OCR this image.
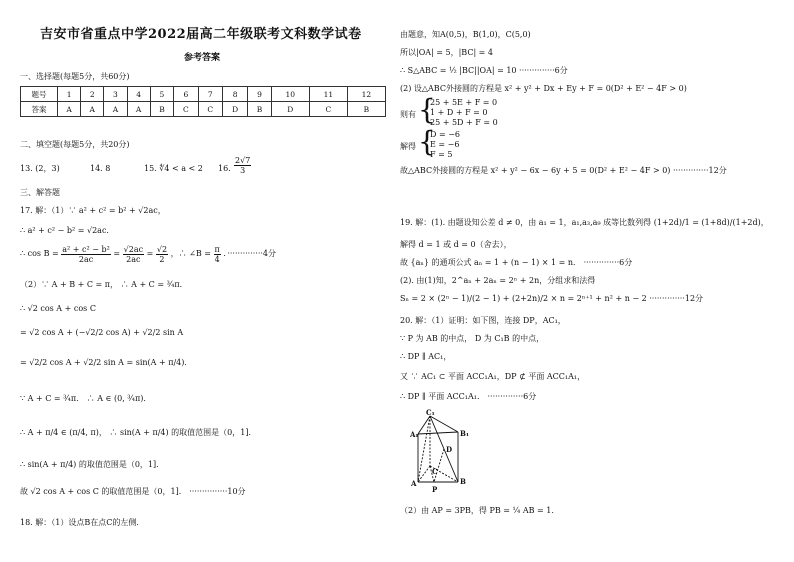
吉安市省重点中学2022届高二年级联考文科数学试卷
参考答案
一、选择题(每题5分，共60分)
题号	1	2	3	4	5	6	7	8	9	10	11	12
答案	A	A	A	A	B	C	C	D	B	D	C	B
二、填空题(每题5分，共20分)
13. (2，3)	14. 8	15. ∜4 < a < 2 16. $\frac{2√7}{3}$
三、解答题
17. 解：（1）∵ a² + c² = b² + √2ac，
∴ a² + c² − b² = √2ac．
∴ $\cos B = \frac{\text{a² + c² − b²}}{2ac} = \frac{√2ac}{2ac} = \frac{√2}{2}$ ，∴ ∠B = $\frac{\pi}{4}$ ．··············4分
（2）∵ A + B + C = π， ∴ A + C = ¾π．
∴ √2 cos A + cos C
= √2 cos A + (−√2/2 cos A) + √2/2 sin A
= √2/2 cos A + √2/2 sin A = sin(A + π/4)．
∵ A + C = ¾π． ∴ A ∈ (0, ¾π)．
∴ A + π/4 ∈ (π/4, π)， ∴ sin(A + π/4) 的取值范围是（0，1]．
∴ sin(A + π/4) 的取值范围是（0，1]．
故 √2 cos A + cos C 的取值范围是（0，1]． ···············10分
18. 解：（1）设点B在点C的左侧.
由题意，知A(0,5)，B(1,0)，C(5,0)
所以|OA| = 5，|BC| = 4
∴ S△ABC = ½ |BC||OA| = 10 ··············6分
(2) 设△ABC外接圆的方程是 x² + y² + Dx + Ey + F = 0(D² + E² − 4F > 0)
则有 {
25 + 5E + F = 0
1 + D + F = 0
25 + 5D + F = 0
解得 {
D = −6
E = −6
F = 5
故△ABC外接圆的方程是 x² + y² − 6x − 6y + 5 = 0(D² + E² − 4F > 0) ··············12分
19. 解：(1). 由题设知公差 d ≠ 0，由 a₁ = 1，a₁,a₃,a₉ 成等比数列得 (1+2d)/1 = (1+8d)/(1+2d)，
解得 d = 1 或 d = 0（舍去），
故 {aₙ} 的通项公式 aₙ = 1 + (n − 1) × 1 = n． ··············6分
(2). 由(1)知，2^aₙ + 2aₙ = 2ⁿ + 2n，分组求和法得
Sₙ = 2 × (2ⁿ − 1)/(2 − 1) + (2+2n)/2 × n = 2ⁿ⁺¹ + n² + n − 2 ··············12分
20. 解：（1）证明：如下图，连接 DP，AC₁，
∵ P 为 AB 的中点， D 为 C₁B 的中点，
∴ DP ∥ AC₁，
又 ∵ AC₁ ⊂ 平面 ACC₁A₁，DP ⊄ 平面 ACC₁A₁，
∴ DP ∥ 平面 ACC₁A₁． ··············6分
C₁
B₁
A₁
D
C
B
A
P
（2）由 AP = 3PB，得 PB = ¼ AB = 1.
